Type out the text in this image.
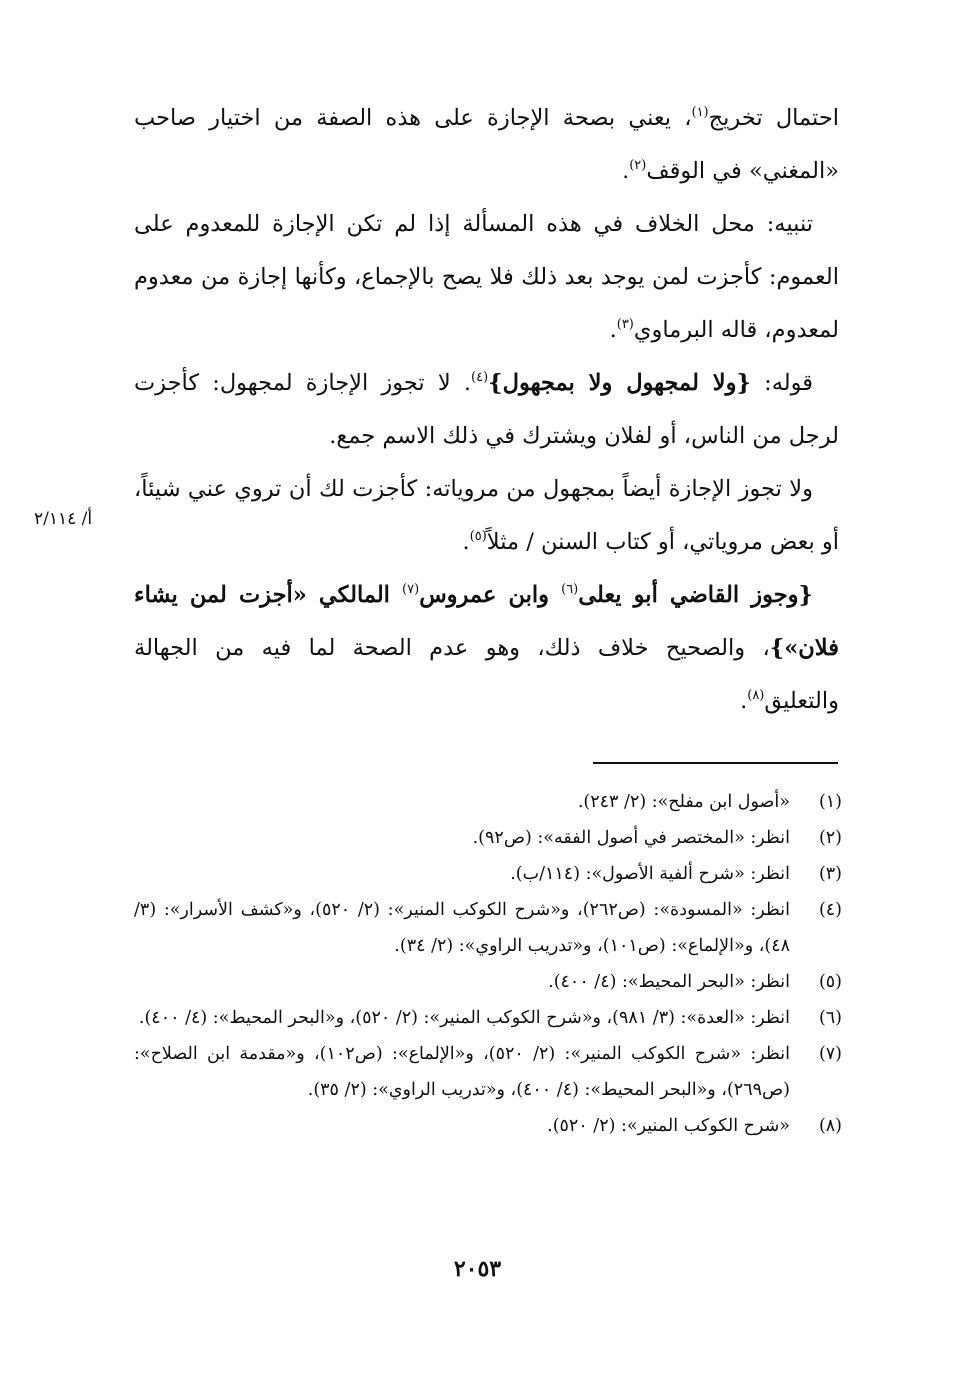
احتمال تخريج$^{(١)}$، يعني بصحة الإجازة على هذه الصفة من اختيار صاحب «المغني» في الوقف$^{(٢)}$.

تنبيه: محل الخلاف في هذه المسألة إذا لم تكن الإجازة للمعدوم على العموم: كأجزت لمن يوجد بعد ذلك فلا يصح بالإجماع، وكأنها إجازة من معدوم لمعدوم، قاله البرماوي$^{(٣)}$.

قوله: {ولا لمجهول ولا بمجهول}$^{(٤)}$. لا تجوز الإجازة لمجهول: كأجزت لرجل من الناس، أو لفلان ويشترك في ذلك الاسم جمع.

ولا تجوز الإجازة أيضاً بمجهول من مروياته: كأجزت لك أن تروي عني شيئاً، أو بعض مروياتي، أو كتاب السنن / مثلاً$^{(٥)}$.

{وجوز القاضي أبو يعلى$^{(٦)}$ وابن عمروس$^{(٧)}$ المالكي «أجزت لمن يشاء فلان»}، والصحيح خلاف ذلك، وهو عدم الصحة لما فيه من الجهالة والتعليق$^{(٨)}$.

أ/ ٢/١١٤
(١)
«أصول ابن مفلح»: (٢/ ٢٤٣).
(٢)
انظر: «المختصر في أصول الفقه»: (ص٩٢).
(٣)
انظر: «شرح ألفية الأصول»: (١١٤/ب).
(٤)
انظر: «المسودة»: (ص٢٦٢)، و«شرح الكوكب المنير»: (٢/ ٥٢٠)، و«كشف الأسرار»: (٣/ ٤٨)، و«الإلماع»: (ص١٠١)، و«تدريب الراوي»: (٢/ ٣٤).
(٥)
انظر: «البحر المحيط»: (٤/ ٤٠٠).
(٦)
انظر: «العدة»: (٣/ ٩٨١)، و«شرح الكوكب المنير»: (٢/ ٥٢٠)، و«البحر المحيط»: (٤/ ٤٠٠).
(٧)
انظر: «شرح الكوكب المنير»: (٢/ ٥٢٠)، و«الإلماع»: (ص١٠٢)، و«مقدمة ابن الصلاح»: (ص٢٦٩)، و«البحر المحيط»: (٤/ ٤٠٠)، و«تدريب الراوي»: (٢/ ٣٥).
(٨)
«شرح الكوكب المنير»: (٢/ ٥٢٠).
٢٠٥٣
